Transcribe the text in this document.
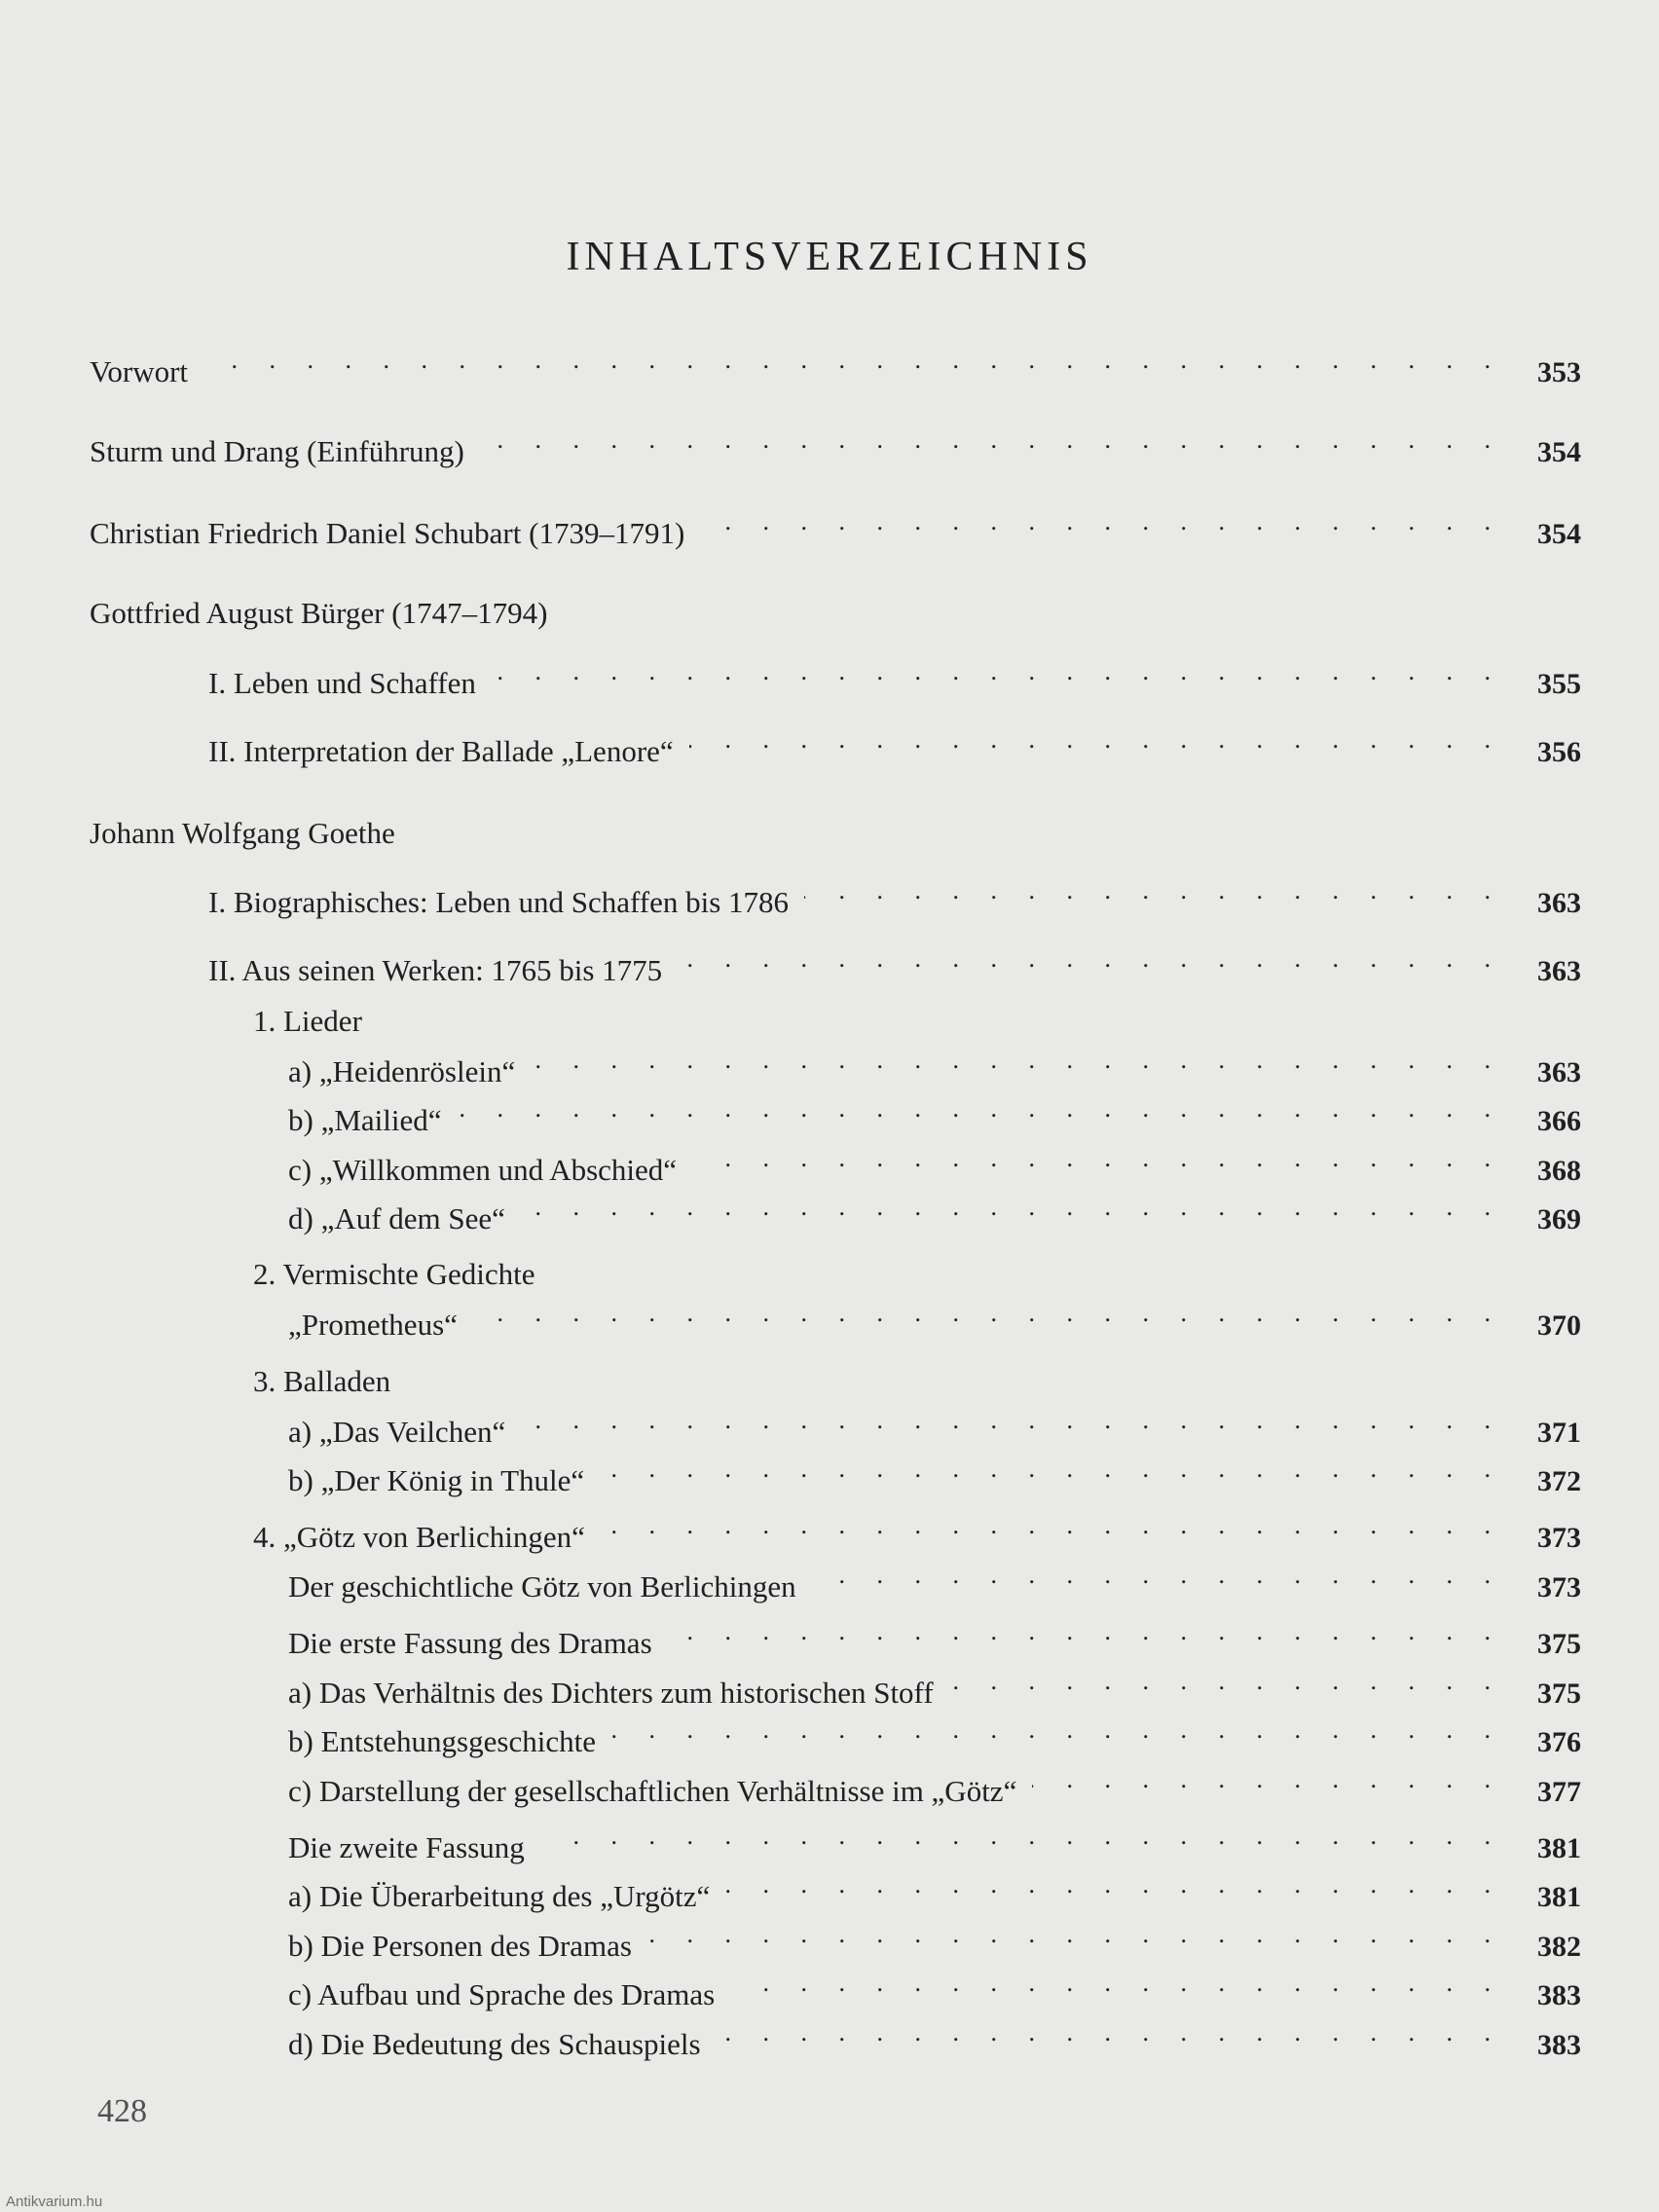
INHALTSVERZEICHNIS
Vorwort . . .	353
Sturm und Drang (Einführung) . . .	354
Christian Friedrich Daniel Schubart (1739–1791) . . .	354
Gottfried August Bürger (1747–1794)
I. Leben und Schaffen . . .	355
II. Interpretation der Ballade „Lenore“ . . .	356
Johann Wolfgang Goethe
I. Biographisches: Leben und Schaffen bis 1786 . . .	363
II. Aus seinen Werken: 1765 bis 1775 . . .	363
1. Lieder
a) „Heidenröslein“ . . .	363
b) „Mailied“ . . .	366
c) „Willkommen und Abschied“ . . .	368
d) „Auf dem See“ . . .	369
2. Vermischte Gedichte
„Prometheus“ . . .	370
3. Balladen
a) „Das Veilchen“ . . .	371
b) „Der König in Thule“ . . .	372
4. „Götz von Berlichingen“ . . .	373
Der geschichtliche Götz von Berlichingen . . .	373
Die erste Fassung des Dramas . . .	375
a) Das Verhältnis des Dichters zum historischen Stoff . . .	375
b) Entstehungsgeschichte . . .	376
c) Darstellung der gesellschaftlichen Verhältnisse im „Götz“ . . .	377
Die zweite Fassung . . .	381
a) Die Überarbeitung des „Urgötz“ . . .	381
b) Die Personen des Dramas . . .	382
c) Aufbau und Sprache des Dramas . . .	383
d) Die Bedeutung des Schauspiels . . .	383
428
Antikvarium.hu
